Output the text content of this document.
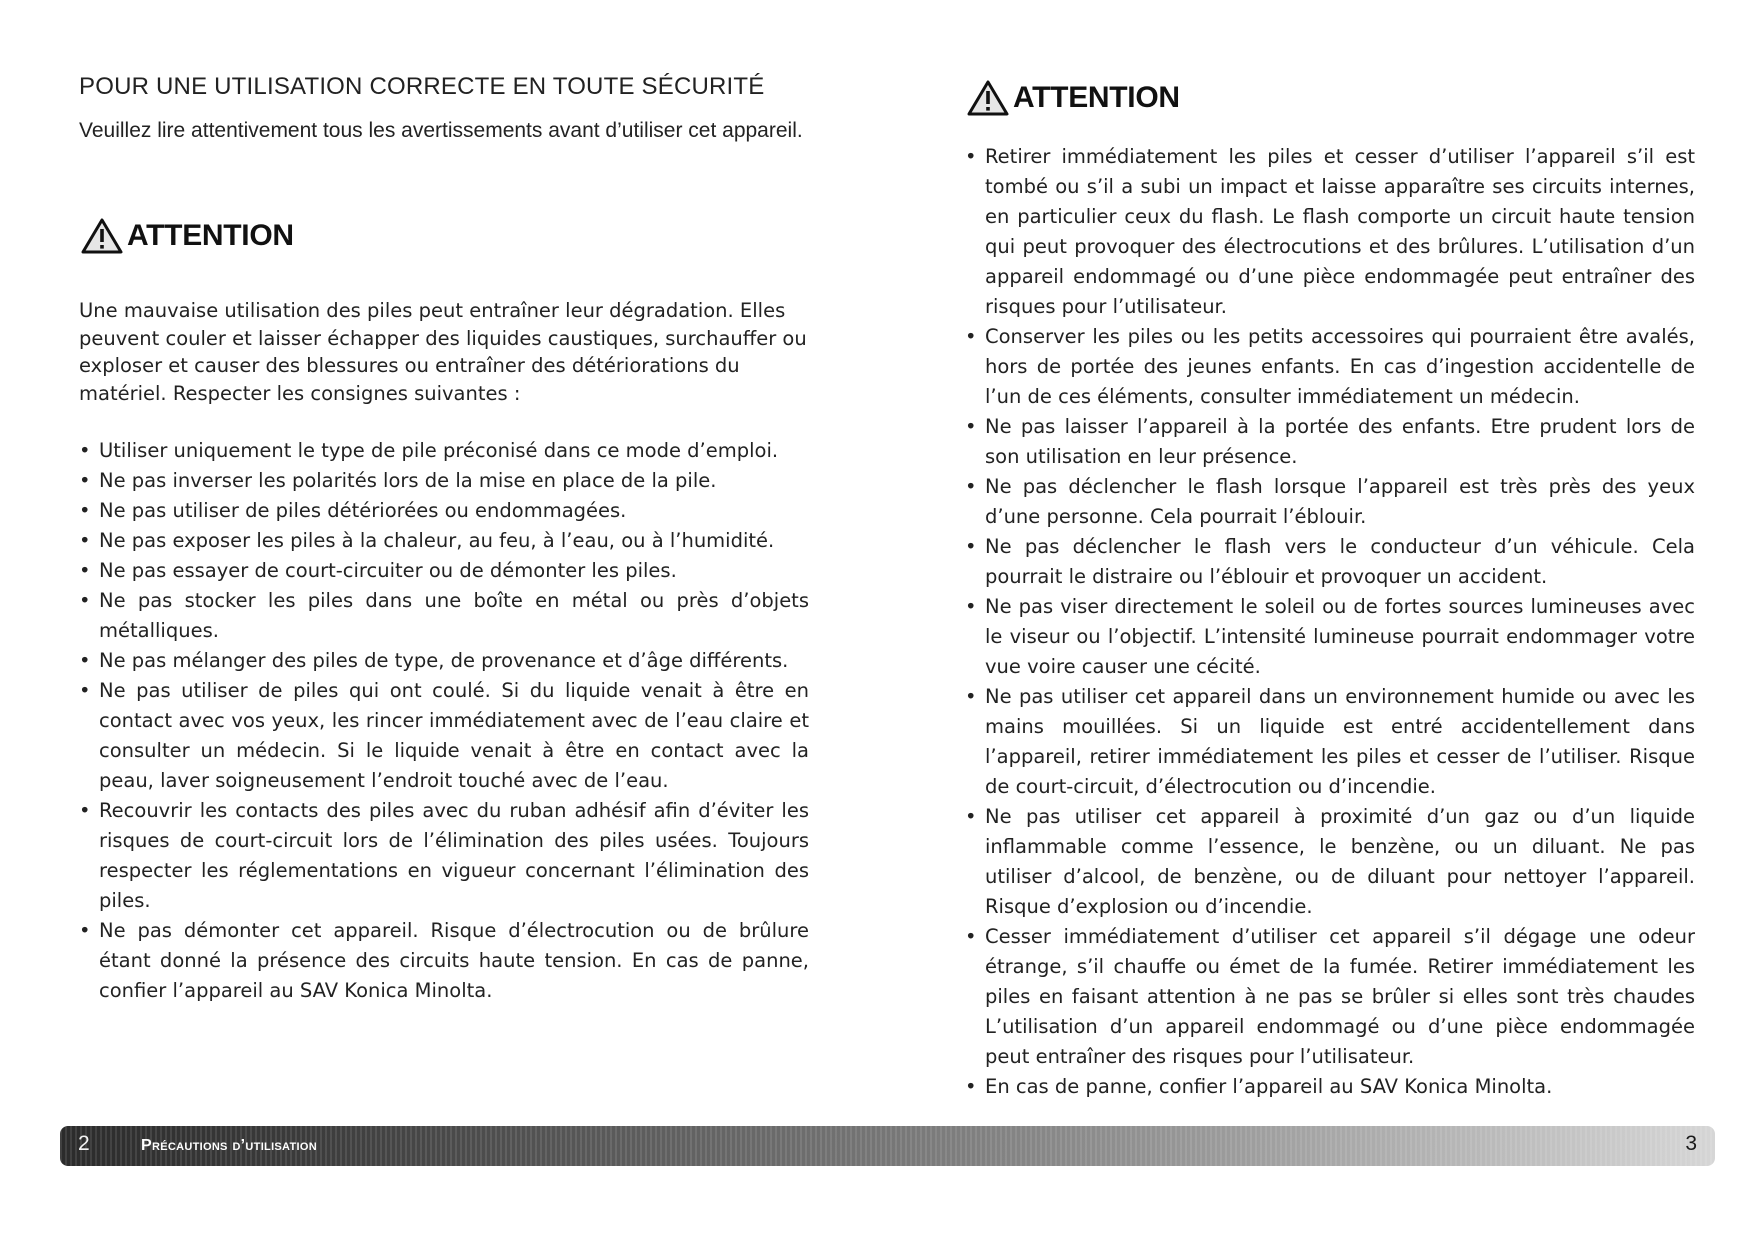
POUR UNE UTILISATION CORRECTE EN TOUTE SÉCURITÉ
Veuillez lire attentivement tous les avertissements avant d’utiliser cet appareil.
ATTENTION
Une mauvaise utilisation des piles peut entraîner leur dégradation. Elles peuvent couler et laisser échapper des liquides caustiques, surchauffer ou exploser et causer des blessures ou entraîner des détériorations du matériel. Respecter les consignes suivantes :
• Utiliser uniquement le type de pile préconisé dans ce mode d’emploi.
• Ne pas inverser les polarités lors de la mise en place de la pile.
• Ne pas utiliser de piles détériorées ou endommagées.
• Ne pas exposer les piles à la chaleur, au feu, à l’eau, ou à l’humidité.
• Ne pas essayer de court-circuiter ou de démonter les piles.
• Ne pas stocker les piles dans une boîte en métal ou près d’objets métalliques.
• Ne pas mélanger des piles de type, de provenance et d’âge différents.
• Ne pas utiliser de piles qui ont coulé. Si du liquide venait à être en contact avec vos yeux, les rincer immédiatement avec de l’eau claire et consulter un médecin. Si le liquide venait à être en contact avec la peau, laver soigneusement l’endroit touché avec de l’eau.
• Recouvrir les contacts des piles avec du ruban adhésif afin d’éviter les risques de court-circuit lors de l’élimination des piles usées. Toujours respecter les réglementations en vigueur concernant l’élimination des piles.
• Ne pas démonter cet appareil. Risque d’électrocution ou de brûlure étant donné la présence des circuits haute tension. En cas de panne, confier l’appareil au SAV Konica Minolta.
ATTENTION
• Retirer immédiatement les piles et cesser d’utiliser l’appareil s’il est tombé ou s’il a subi un impact et laisse apparaître ses circuits internes, en particulier ceux du flash. Le flash comporte un circuit haute tension qui peut provoquer des électrocutions et des brûlures. L’utilisation d’un appareil endommagé ou d’une pièce endommagée peut entraîner des risques pour l’utilisateur.
• Conserver les piles ou les petits accessoires qui pourraient être avalés, hors de portée des jeunes enfants. En cas d’ingestion accidentelle de l’un de ces éléments, consulter immédiatement un médecin.
• Ne pas laisser l’appareil à la portée des enfants. Etre prudent lors de son utilisation en leur présence.
• Ne pas déclencher le flash lorsque l’appareil est très près des yeux d’une personne. Cela pourrait l’éblouir.
• Ne pas déclencher le flash vers le conducteur d’un véhicule. Cela pourrait le distraire ou l’éblouir et provoquer un accident.
• Ne pas viser directement le soleil ou de fortes sources lumineuses avec le viseur ou l’objectif. L’intensité lumineuse pourrait endommager votre vue voire causer une cécité.
• Ne pas utiliser cet appareil dans un environnement humide ou avec les mains mouillées. Si un liquide est entré accidentellement dans l’appareil, retirer immédiatement les piles et cesser de l’utiliser. Risque de court-circuit, d’électrocution ou d’incendie.
• Ne pas utiliser cet appareil à proximité d’un gaz ou d’un liquide inflammable comme l’essence, le benzène, ou un diluant. Ne pas utiliser d’alcool, de benzène, ou de diluant pour nettoyer l’appareil. Risque d’explosion ou d’incendie.
• Cesser immédiatement d’utiliser cet appareil s’il dégage une odeur étrange, s’il chauffe ou émet de la fumée. Retirer immédiatement les piles en faisant attention à ne pas se brûler si elles sont très chaudes L’utilisation d’un appareil endommagé ou d’une pièce endommagée peut entraîner des risques pour l’utilisateur.
• En cas de panne, confier l’appareil au SAV Konica Minolta.
2	Précautions d’utilisation	3
